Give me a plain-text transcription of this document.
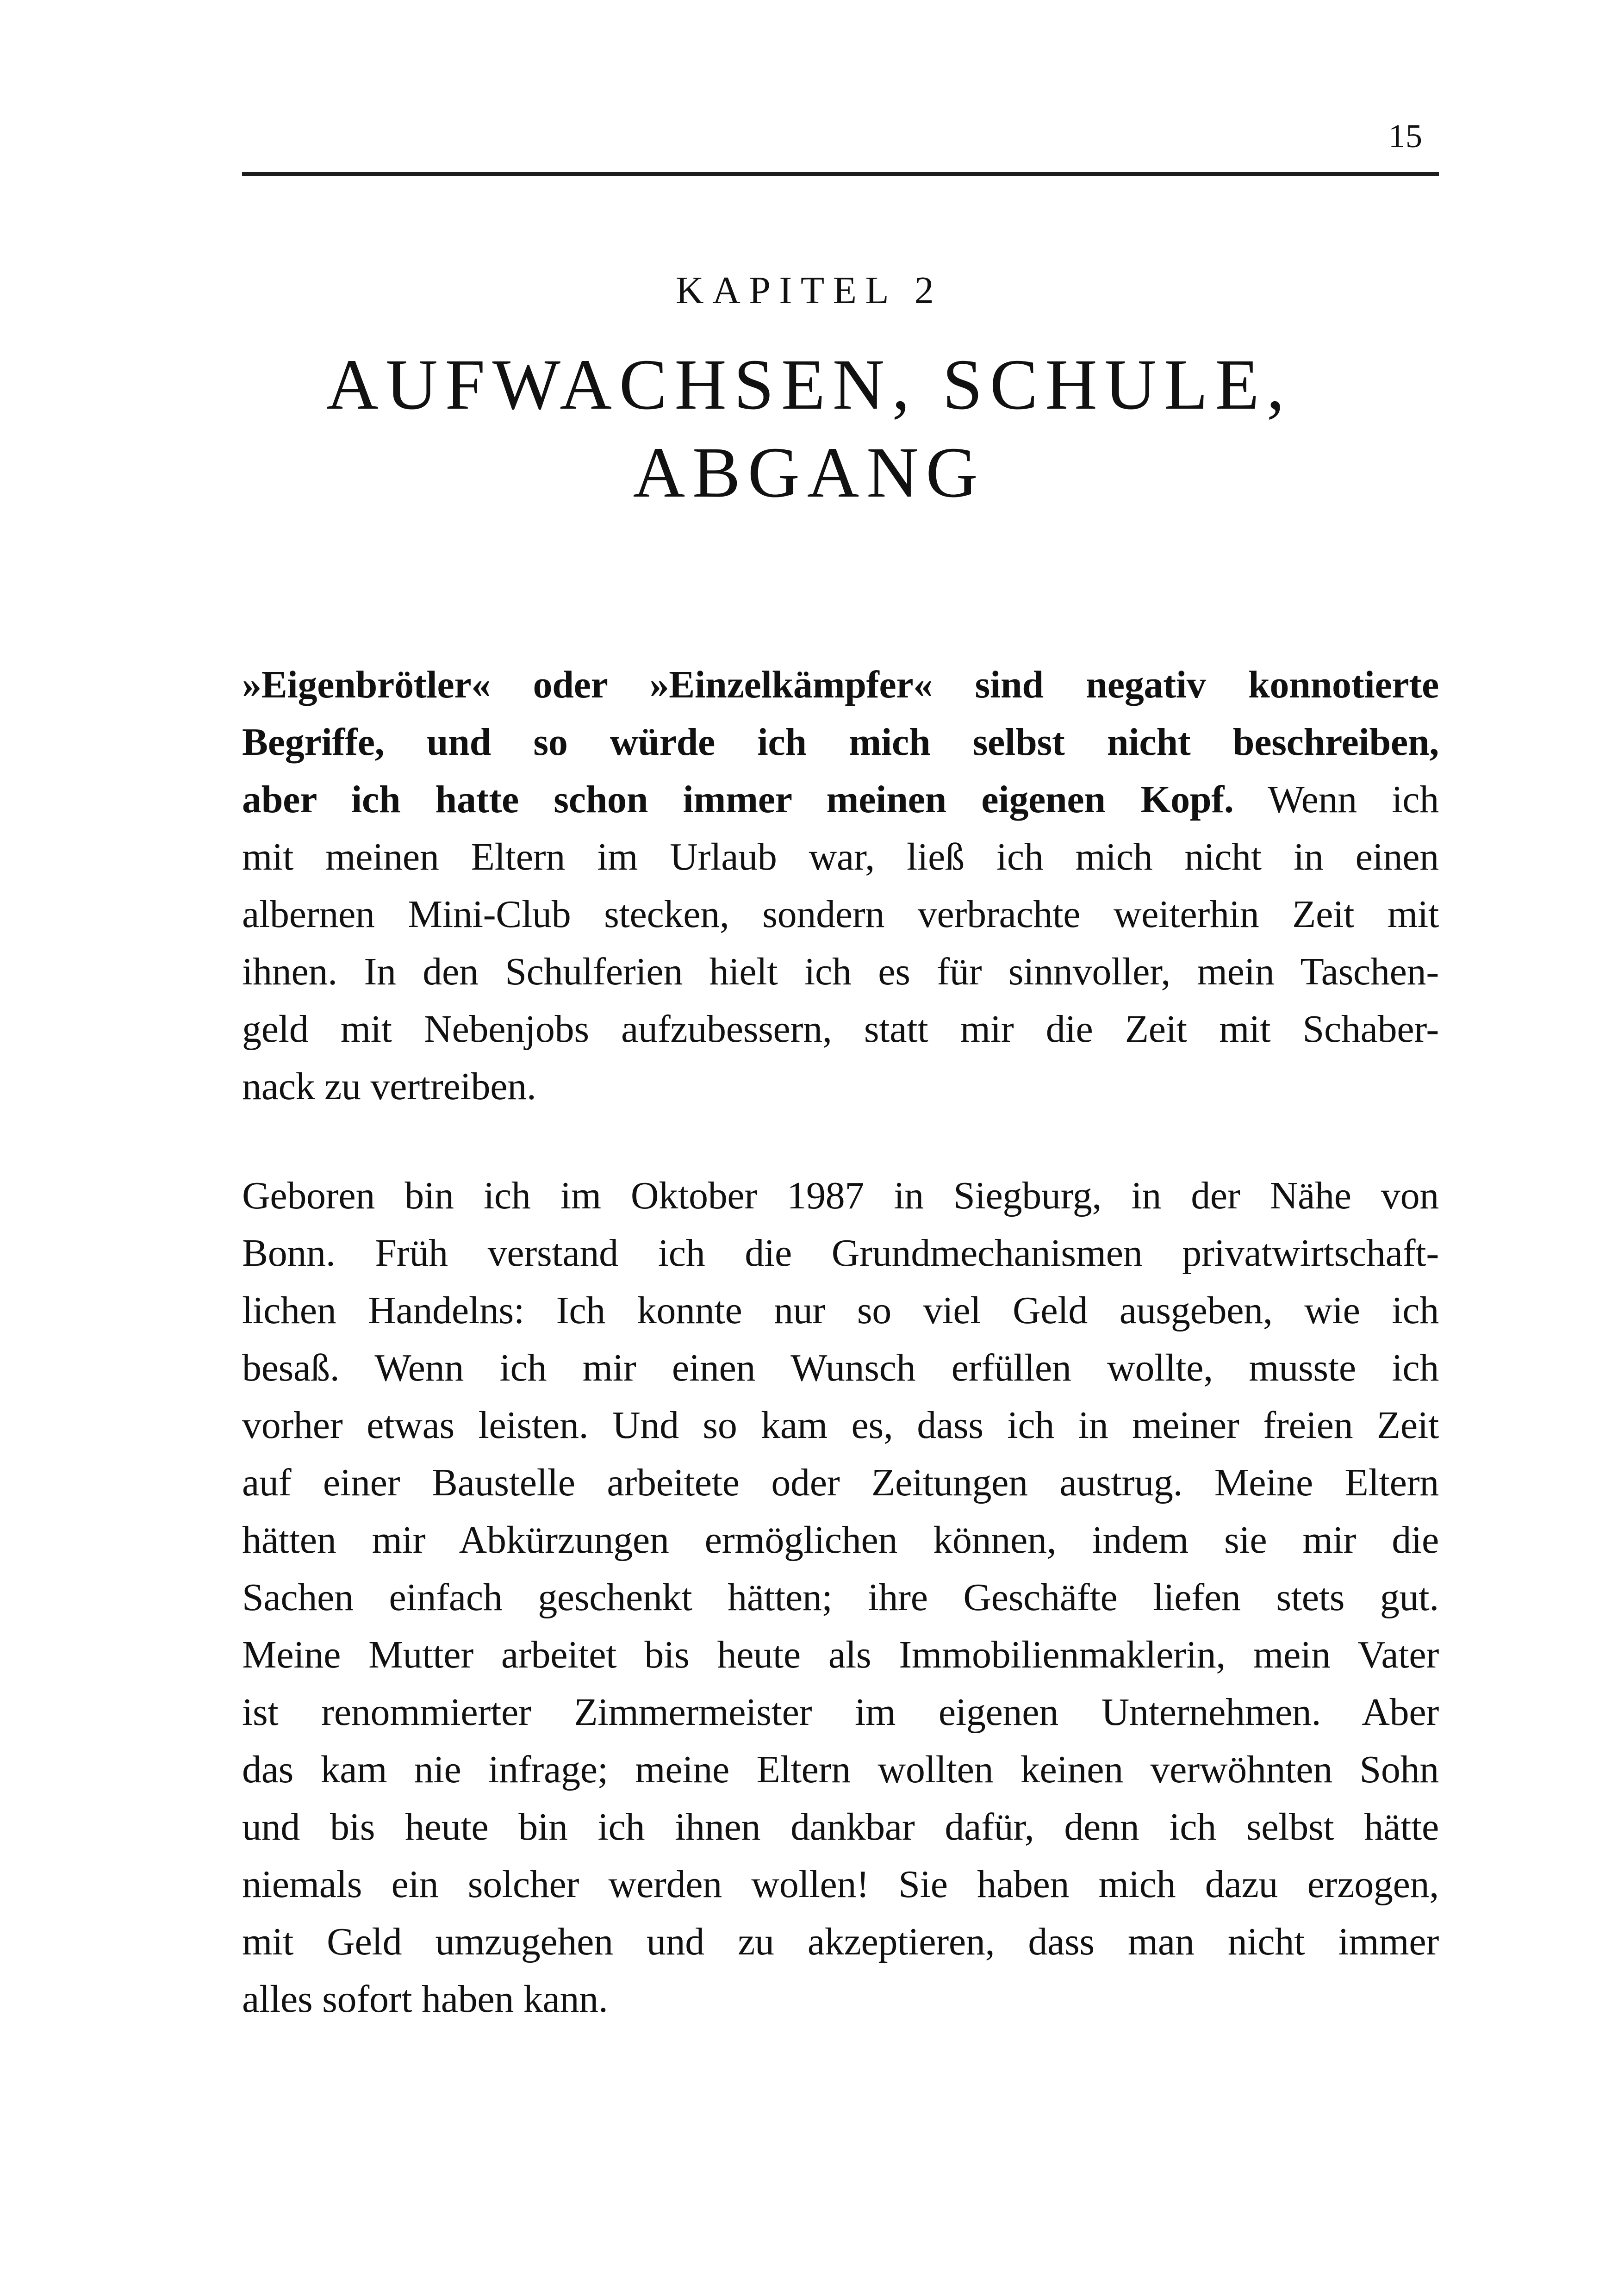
15
KAPITEL 2
AUFWACHSEN, SCHULE,
ABGANG
»Eigenbrötler« oder »Einzelkämpfer« sind negativ konnotierte
Begriffe, und so würde ich mich selbst nicht beschreiben,
aber ich hatte schon immer meinen eigenen Kopf. Wenn ich
mit meinen Eltern im Urlaub war, ließ ich mich nicht in einen
albernen Mini-Club stecken, sondern verbrachte weiterhin Zeit mit
ihnen. In den Schulferien hielt ich es für sinnvoller, mein Taschen-
geld mit Nebenjobs aufzubessern, statt mir die Zeit mit Schaber-
nack zu vertreiben.
Geboren bin ich im Oktober 1987 in Siegburg, in der Nähe von
Bonn. Früh verstand ich die Grundmechanismen privatwirtschaft-
lichen Handelns: Ich konnte nur so viel Geld ausgeben, wie ich
besaß. Wenn ich mir einen Wunsch erfüllen wollte, musste ich
vorher etwas leisten. Und so kam es, dass ich in meiner freien Zeit
auf einer Baustelle arbeitete oder Zeitungen austrug. Meine Eltern
hätten mir Abkürzungen ermöglichen können, indem sie mir die
Sachen einfach geschenkt hätten; ihre Geschäfte liefen stets gut.
Meine Mutter arbeitet bis heute als Immobilienmaklerin, mein Vater
ist renommierter Zimmermeister im eigenen Unternehmen. Aber
das kam nie infrage; meine Eltern wollten keinen verwöhnten Sohn
und bis heute bin ich ihnen dankbar dafür, denn ich selbst hätte
niemals ein solcher werden wollen! Sie haben mich dazu erzogen,
mit Geld umzugehen und zu akzeptieren, dass man nicht immer
alles sofort haben kann.
